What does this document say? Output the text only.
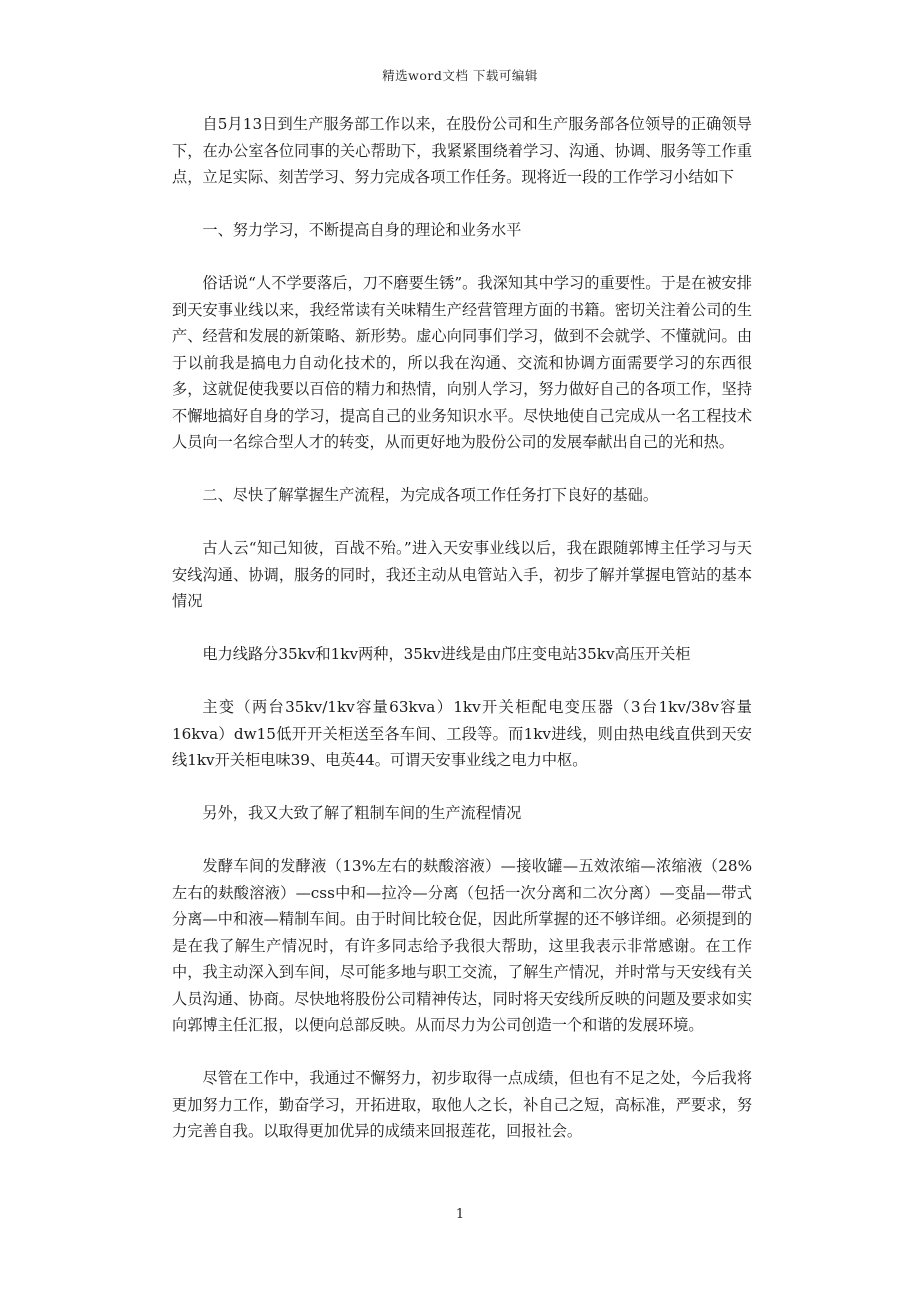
精选word文档 下载可编辑

自5月13日到生产服务部工作以来，在股份公司和生产服务部各位领导的正确领导下，在办公室各位同事的关心帮助下，我紧紧围绕着学习、沟通、协调、服务等工作重点，立足实际、刻苦学习、努力完成各项工作任务。现将近一段的工作学习小结如下

一、努力学习，不断提高自身的理论和业务水平

俗话说“人不学要落后，刀不磨要生锈”。我深知其中学习的重要性。于是在被安排到天安事业线以来，我经常读有关味精生产经营管理方面的书籍。密切关注着公司的生产、经营和发展的新策略、新形势。虚心向同事们学习，做到不会就学、不懂就问。由于以前我是搞电力自动化技术的，所以我在沟通、交流和协调方面需要学习的东西很多，这就促使我要以百倍的精力和热情，向别人学习，努力做好自己的各项工作，坚持不懈地搞好自身的学习，提高自己的业务知识水平。尽快地使自己完成从一名工程技术人员向一名综合型人才的转变，从而更好地为股份公司的发展奉献出自己的光和热。

二、尽快了解掌握生产流程，为完成各项工作任务打下良好的基础。

古人云“知己知彼，百战不殆。”进入天安事业线以后，我在跟随郭博主任学习与天安线沟通、协调，服务的同时，我还主动从电管站入手，初步了解并掌握电管站的基本情况

电力线路分35kv和1kv两种，35kv进线是由邝庄变电站35kv高压开关柜

主变（两台35kv/1kv容量63kva）1kv开关柜配电变压器（3台1kv/38v容量16kva）dw15低开开关柜送至各车间、工段等。而1kv进线，则由热电线直供到天安线1kv开关柜电味39、电英44。可谓天安事业线之电力中枢。

另外，我又大致了解了粗制车间的生产流程情况

发酵车间的发酵液（13%左右的麸酸溶液）—接收罐—五效浓缩—浓缩液（28%左右的麸酸溶液）—css中和—拉冷—分离（包括一次分离和二次分离）—变晶—带式分离—中和液—精制车间。由于时间比较仓促，因此所掌握的还不够详细。必须提到的是在我了解生产情况时，有许多同志给予我很大帮助，这里我表示非常感谢。在工作中，我主动深入到车间，尽可能多地与职工交流，了解生产情况，并时常与天安线有关人员沟通、协商。尽快地将股份公司精神传达，同时将天安线所反映的问题及要求如实向郭博主任汇报，以便向总部反映。从而尽力为公司创造一个和谐的发展环境。

尽管在工作中，我通过不懈努力，初步取得一点成绩，但也有不足之处，今后我将更加努力工作，勤奋学习，开拓进取，取他人之长，补自己之短，高标准，严要求，努力完善自我。以取得更加优异的成绩来回报莲花，回报社会。

1
